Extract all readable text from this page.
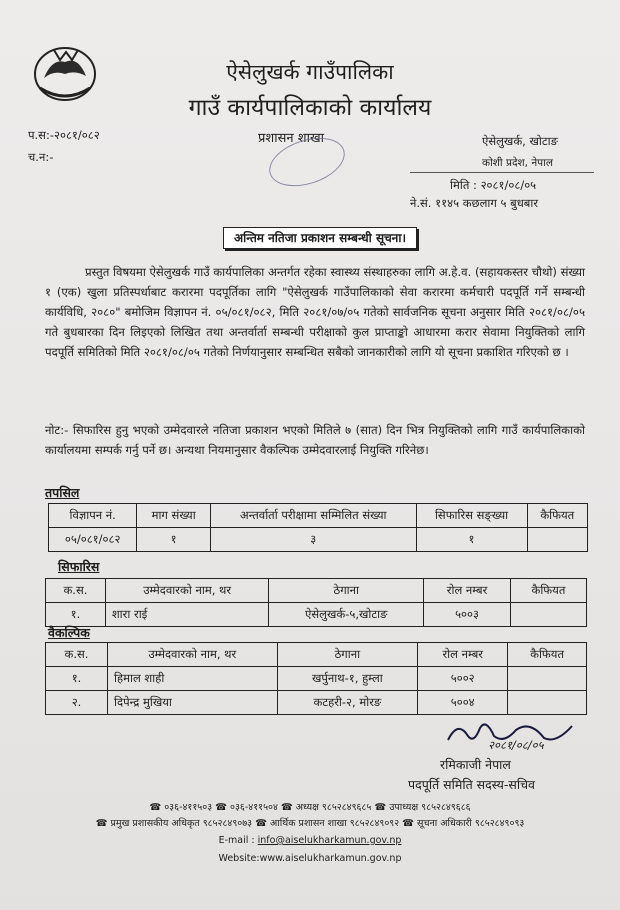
ऐसेलुखर्क गाउँपालिका
गाउँ कार्यपालिकाको कार्यालय
प.स:-२०८१/०८२
च.न:-
प्रशासन शाखा	ऐसेलुखर्क, खोटाङ
कोशी प्रदेश, नेपाल
मिति : २०८१/०८/०५
ने.सं. ११४५ कछलाग ५ बुधबार
अन्तिम नतिजा प्रकाशन सम्बन्धी सूचना।
प्रस्तुत विषयमा ऐसेलुखर्क गाउँ कार्यपालिका अन्तर्गत रहेका स्वास्थ्य संस्थाहरुका लागि अ.हे.व. (सहायकस्तर चौथो) संख्या १ (एक) खुला प्रतिस्पर्धाबाट करारमा पदपूर्तिका लागि "ऐसेलुखर्क गाउँपालिकाको सेवा करारमा कर्मचारी पदपूर्ति गर्ने सम्बन्धी कार्यविधि, २०८०" बमोजिम विज्ञापन नं. ०५/०८१/०८२, मिति २०८१/०७/०५ गतेको सार्वजनिक सूचना अनुसार मिति २०८१/०८/०५ गते बुधबारका दिन लिइएको लिखित तथा अन्तर्वार्ता सम्बन्धी परीक्षाको कुल प्राप्ताङ्को आधारमा करार सेवामा नियुक्तिको लागि पदपूर्ति समितिको मिति २०८१/०८/०५ गतेको निर्णयानुसार सम्बन्धित सबैको जानकारीको लागि यो सूचना प्रकाशित गरिएको छ ।
नोट:- सिफारिस हुनु भएको उम्मेदवारले नतिजा प्रकाशन भएको मितिले ७ (सात) दिन भित्र नियुक्तिको लागि गाउँ कार्यपालिकाको कार्यालयमा सम्पर्क गर्नु पर्ने छ। अन्यथा नियमानुसार वैकल्पिक उम्मेदवारलाई नियुक्ति गरिनेछ।
तपसिल
विज्ञापन नं.	माग संख्या	अन्तर्वार्ता परीक्षामा सम्मिलित संख्या	सिफारिस सङ्ख्या	कैफियत
०५/०८१/०८२	१	३	१	
सिफारिस
क.स.	उम्मेदवारको नाम, थर	ठेगाना	रोल नम्बर	कैफियत
१.	शारा राई	ऐसेलुखर्क-५,खोटाङ	५००३	
वैकल्पिक
क.स.	उम्मेदवारको नाम, थर	ठेगाना	रोल नम्बर	कैफियत
१.	हिमाल शाही	खर्पुनाथ-१, हुम्ला	५००२	
२.	दिपेन्द्र मुखिया	कटहरी-२, मोरङ	५००४	
२०८१/०८/०५
रमिकाजी नेपाल
पदपूर्ति समिति सदस्य-सचिव
☎ ०३६-४११५०३ ☎ ०३६-४११५०४ ☎ अध्यक्ष ९८५२८४९६८५ ☎ उपाध्यक्ष ९८५२८४९६८६
☎ प्रमुख प्रशासकीय अधिकृत ९८५२८४९०७३ ☎ आर्थिक प्रशासन शाखा ९८५२८४९०९२ ☎ सूचना अधिकारी ९८५२८४९०९३
E-mail : info@aiselukharkamun.gov.np
Website:www.aiselukharkamun.gov.np
